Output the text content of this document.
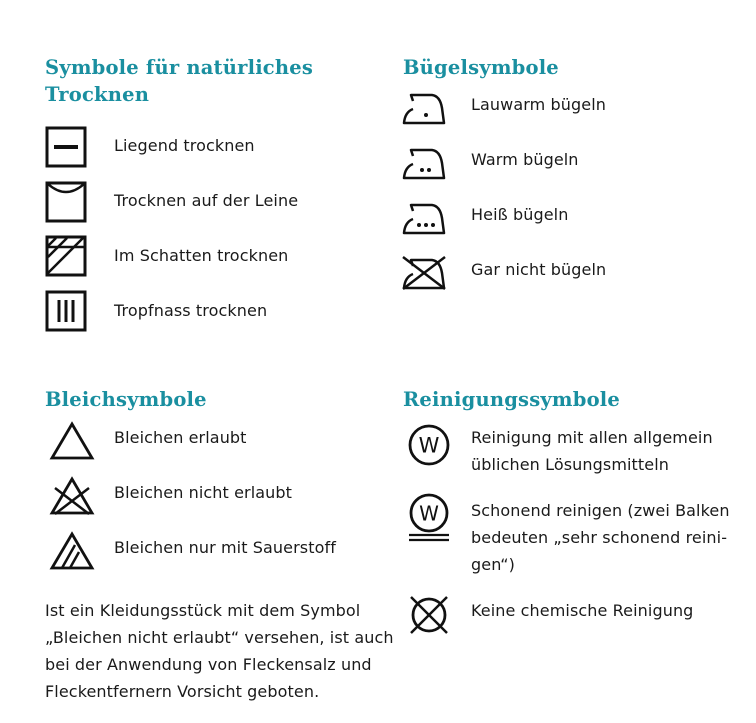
Symbole für natürliches
Trocknen
Liegend trocknen
Trocknen auf der Leine
Im Schatten trocknen
Tropfnass trocknen
Bügelsymbole
Lauwarm bügeln
Warm bügeln
Heiß bügeln
Gar nicht bügeln
Bleichsymbole
Bleichen erlaubt
Bleichen nicht erlaubt
Bleichen nur mit Sauerstoff
Ist ein Kleidungsstück mit dem Symbol
„Bleichen nicht erlaubt“ versehen, ist auch
bei der Anwendung von Fleckensalz und
Fleckentfernern Vorsicht geboten.
Reinigungssymbole
W Reinigung mit allen allgemein
üblichen Lösungsmitteln
W Schonend reinigen (zwei Balken
bedeuten „sehr schonend reini-
gen“)
Keine chemische Reinigung
